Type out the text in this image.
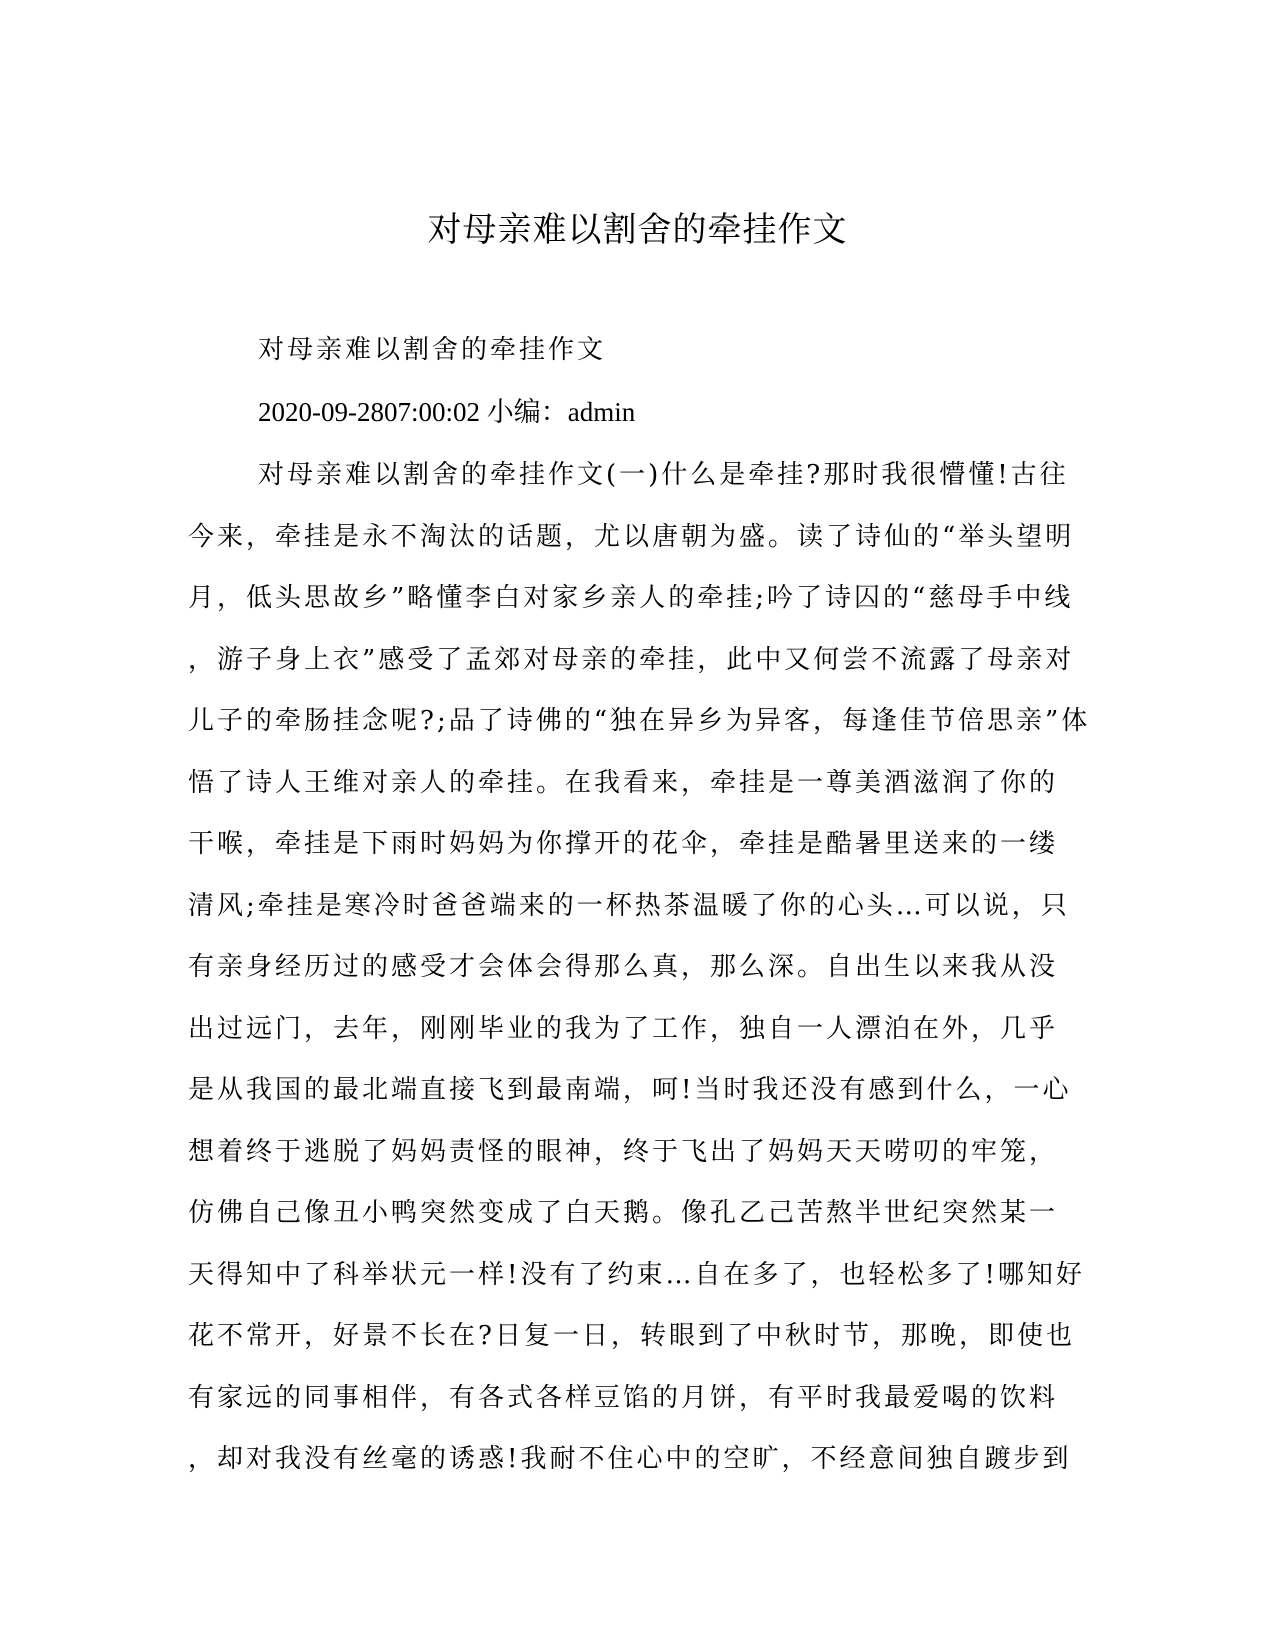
对母亲难以割舍的牵挂作文
对母亲难以割舍的牵挂作文
2020-09-2807:00:02 小编：admin
对母亲难以割舍的牵挂作文(一)什么是牵挂?那时我很懵懂!古往
今来，牵挂是永不淘汰的话题，尤以唐朝为盛。读了诗仙的“举头望明
月，低头思故乡”略懂李白对家乡亲人的牵挂;吟了诗囚的“慈母手中线
，游子身上衣”感受了孟郊对母亲的牵挂，此中又何尝不流露了母亲对
儿子的牵肠挂念呢?;品了诗佛的“独在异乡为异客，每逢佳节倍思亲”体
悟了诗人王维对亲人的牵挂。在我看来，牵挂是一尊美酒滋润了你的
干喉，牵挂是下雨时妈妈为你撑开的花伞，牵挂是酷暑里送来的一缕
清风;牵挂是寒冷时爸爸端来的一杯热茶温暖了你的心头…可以说，只
有亲身经历过的感受才会体会得那么真，那么深。自出生以来我从没
出过远门，去年，刚刚毕业的我为了工作，独自一人漂泊在外，几乎
是从我国的最北端直接飞到最南端，呵!当时我还没有感到什么，一心
想着终于逃脱了妈妈责怪的眼神，终于飞出了妈妈天天唠叨的牢笼，
仿佛自己像丑小鸭突然变成了白天鹅。像孔乙己苦熬半世纪突然某一
天得知中了科举状元一样!没有了约束…自在多了，也轻松多了!哪知好
花不常开，好景不长在?日复一日，转眼到了中秋时节，那晚，即使也
有家远的同事相伴，有各式各样豆馅的月饼，有平时我最爱喝的饮料
，却对我没有丝毫的诱惑!我耐不住心中的空旷，不经意间独自踱步到
